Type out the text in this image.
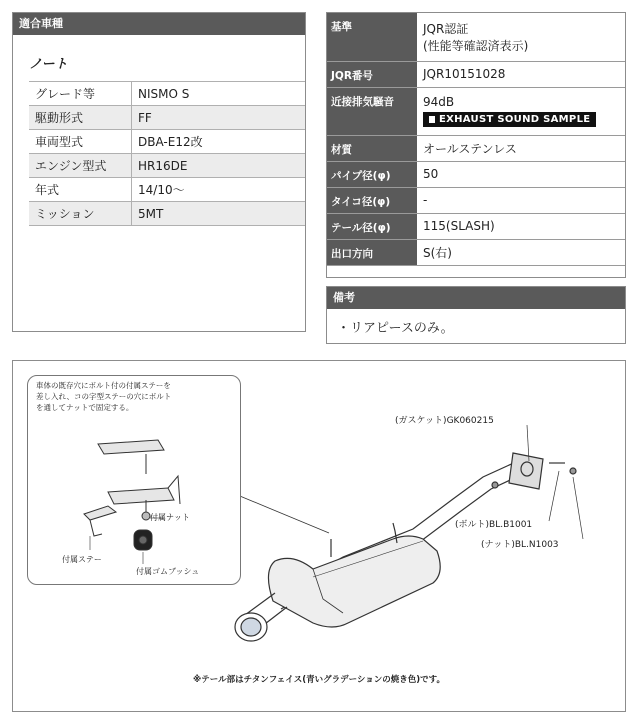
適合車種
ノート
グレード等	NISMO S
駆動形式	FF
車両型式	DBA-E12改
エンジン型式	HR16DE
年式	14/10～
ミッション	5MT
基準	JQR認証
(性能等確認済表示)

JQR番号	JQR10151028
近接排気騒音	94dB
EXHAUST SOUND SAMPLE
材質	オールステンレス
パイプ径(φ)	50
タイコ径(φ)	-
テール径(φ)	115(SLASH)
出口方向	S(右)
備考
・リアピースのみ。
車体の既存穴にボルト付の付属ステーを
差し入れ、コの字型ステーの穴にボルト
を通してナットで固定する。
付属ナット
付属ステー
付属ゴムブッシュ
(ガスケット)GK060215
(ボルト)BL.B1001
(ナット)BL.N1003
※テール部はチタンフェイス(青いグラデーションの焼き色)です。
